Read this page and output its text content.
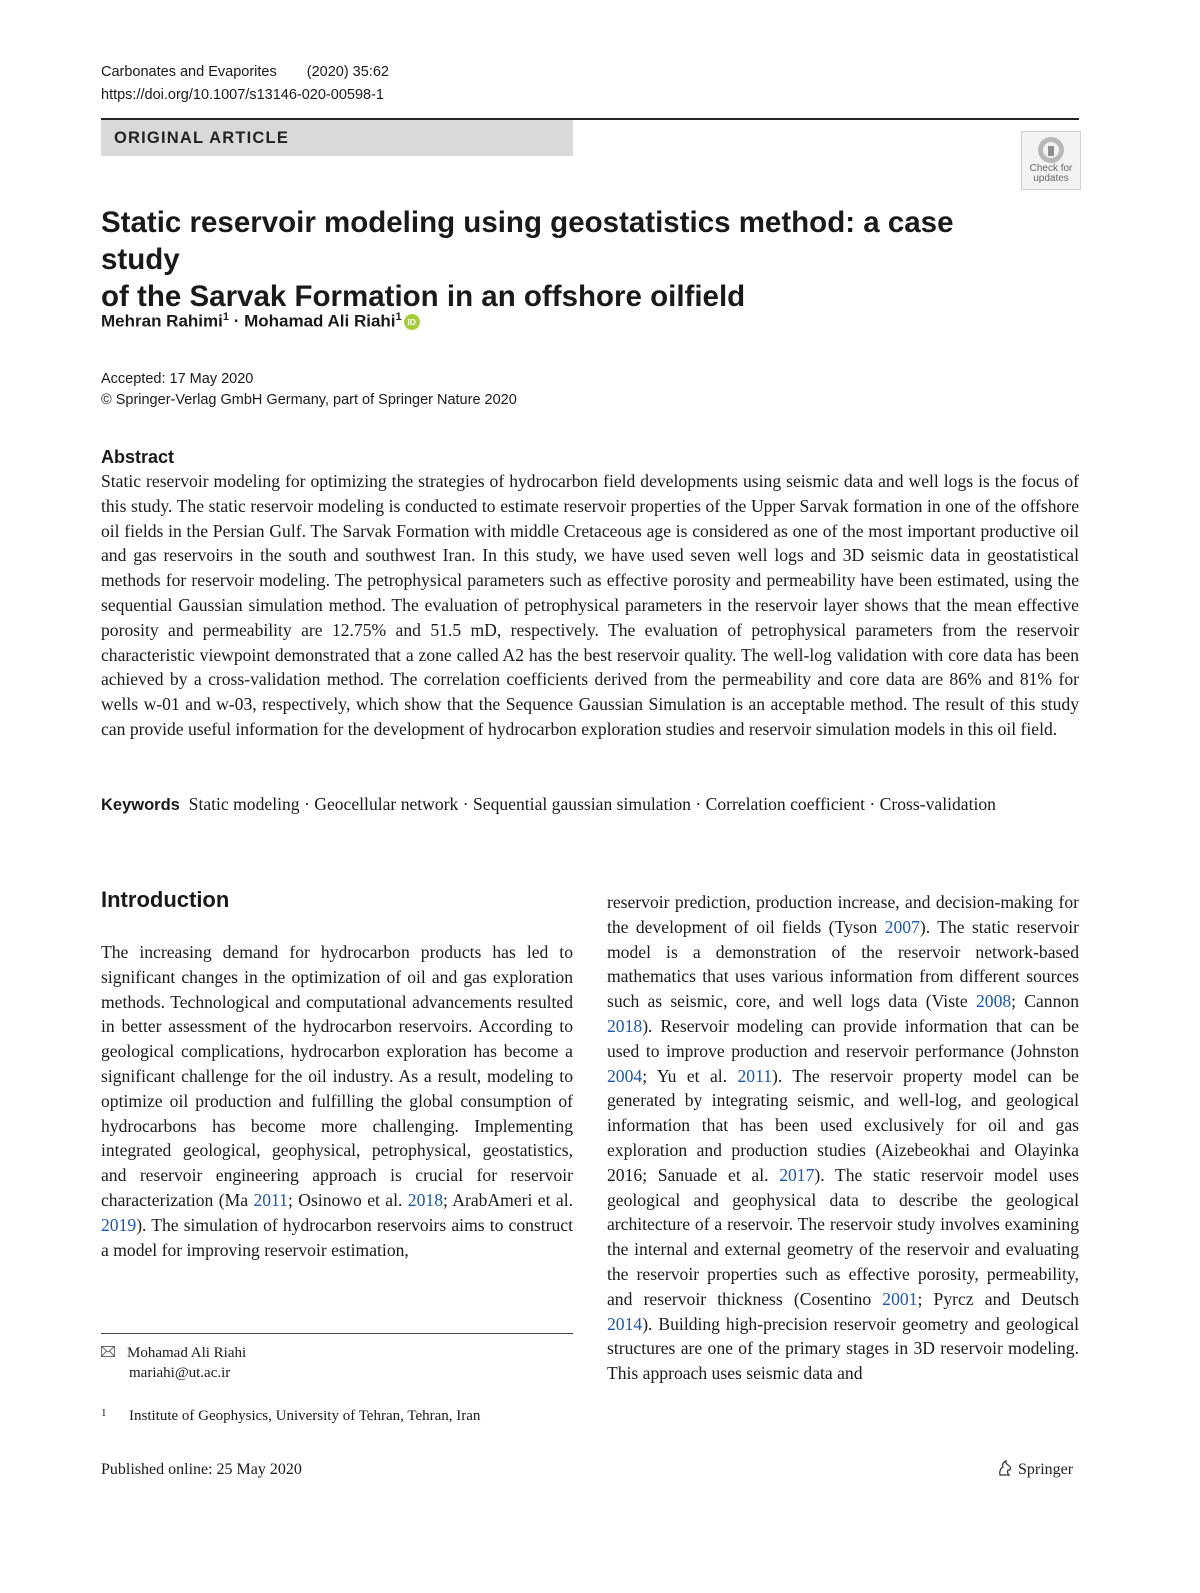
Carbonates and Evaporites (2020) 35:62
https://doi.org/10.1007/s13146-020-00598-1
ORIGINAL ARTICLE
Check for
updates
Static reservoir modeling using geostatistics method: a case study
of the Sarvak Formation in an offshore oilfield
Mehran Rahimi$^1$ · Mohamad Ali Riahi$^1$ iD
Accepted: 17 May 2020
© Springer-Verlag GmbH Germany, part of Springer Nature 2020
Abstract
Static reservoir modeling for optimizing the strategies of hydrocarbon field developments using seismic data and well logs is the focus of this study. The static reservoir modeling is conducted to estimate reservoir properties of the Upper Sarvak formation in one of the offshore oil fields in the Persian Gulf. The Sarvak Formation with middle Cretaceous age is considered as one of the most important productive oil and gas reservoirs in the south and southwest Iran. In this study, we have used seven well logs and 3D seismic data in geostatistical methods for reservoir modeling. The petrophysical parameters such as effective porosity and permeability have been estimated, using the sequential Gaussian simulation method. The evaluation of petrophysical parameters in the reservoir layer shows that the mean effective porosity and permeability are 12.75% and 51.5 mD, respectively. The evaluation of petrophysical parameters from the reservoir characteristic viewpoint demonstrated that a zone called A2 has the best reservoir quality. The well-log validation with core data has been achieved by a cross-validation method. The correlation coefficients derived from the permeability and core data are 86% and 81% for wells w-01 and w-03, respectively, which show that the Sequence Gaussian Simulation is an acceptable method. The result of this study can provide useful information for the development of hydrocarbon exploration studies and reservoir simulation models in this oil field.
Keywords Static modeling · Geocellular network · Sequential gaussian simulation · Correlation coefficient · Cross-validation
Introduction
The increasing demand for hydrocarbon products has led to significant changes in the optimization of oil and gas exploration methods. Technological and computational advancements resulted in better assessment of the hydrocarbon reservoirs. According to geological complications, hydrocarbon exploration has become a significant challenge for the oil industry. As a result, modeling to optimize oil production and fulfilling the global consumption of hydrocarbons has become more challenging. Implementing integrated geological, geophysical, petrophysical, geostatistics, and reservoir engineering approach is crucial for reservoir characterization (Ma 2011; Osinowo et al. 2018; ArabAmeri et al. 2019). The simulation of hydrocarbon reservoirs aims to construct a model for improving reservoir estimation,
reservoir prediction, production increase, and decision-making for the development of oil fields (Tyson 2007). The static reservoir model is a demonstration of the reservoir network-based mathematics that uses various information from different sources such as seismic, core, and well logs data (Viste 2008; Cannon 2018). Reservoir modeling can provide information that can be used to improve production and reservoir performance (Johnston 2004; Yu et al. 2011). The reservoir property model can be generated by integrating seismic, and well-log, and geological information that has been used exclusively for oil and gas exploration and production studies (Aizebeokhai and Olayinka 2016; Sanuade et al. 2017). The static reservoir model uses geological and geophysical data to describe the geological architecture of a reservoir. The reservoir study involves examining the internal and external geometry of the reservoir and evaluating the reservoir properties such as effective porosity, permeability, and reservoir thickness (Cosentino 2001; Pyrcz and Deutsch 2014). Building high-precision reservoir geometry and geological structures are one of the primary stages in 3D reservoir modeling. This approach uses seismic data and
Mohamad Ali Riahi
mariahi@ut.ac.ir
1 Institute of Geophysics, University of Tehran, Tehran, Iran
Published online: 25 May 2020	Springer
